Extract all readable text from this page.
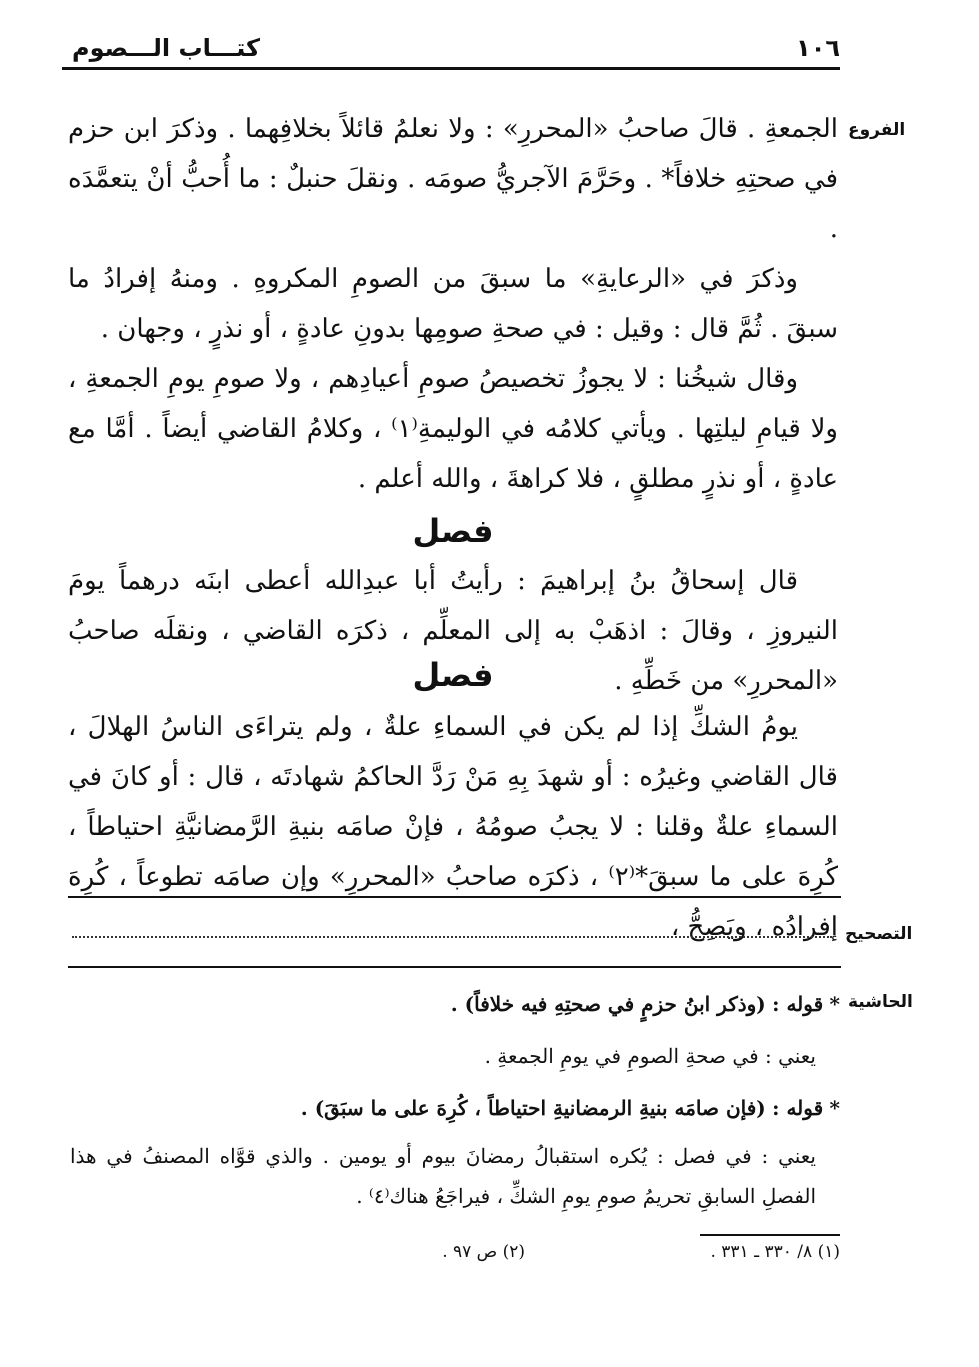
كتـــاب الـــصوم	١٠٦
الفروع

الجمعةِ . قالَ صاحبُ «المحررِ» : ولا نعلمُ قائلاً بخلافِهما . وذكرَ ابن حزم في صحتِهِ خلافاً* . وحَرَّمَ الآجريُّ صومَه . ونقلَ حنبلٌ : ما أُحبُّ أنْ يتعمَّدَه .

وذكرَ في «الرعايةِ» ما سبقَ من الصومِ المكروهِ . ومنهُ إفرادُ ما سبقَ . ثُمَّ قال : وقيل : في صحةِ صومِها بدونِ عادةٍ ، أو نذرٍ ، وجهان .

وقال شيخُنا : لا يجوزُ تخصيصُ صومِ أعيادِهم ، ولا صومِ يومِ الجمعةِ ، ولا قيامِ ليلتِها . ويأتي كلامُه في الوليمةِ⁽١⁾ ، وكلامُ القاضي أيضاً . أمَّا مع عادةٍ ، أو نذرٍ مطلقٍ ، فلا كراهةَ ، والله أعلم .

فصل

قال إسحاقُ بنُ إبراهيمَ : رأيتُ أبا عبدِالله أعطى ابنَه درهماً يومَ النيروزِ ، وقالَ : اذهَبْ به إلى المعلِّم ، ذكرَه القاضي ، ونقلَه صاحبُ «المحررِ» من خَطِّهِ .

فصل

يومُ الشكِّ إذا لم يكن في السماءِ علةٌ ، ولم يتراءَى الناسُ الهلالَ ، قال القاضي وغيرُه : أو شهدَ بِهِ مَنْ رَدَّ الحاكمُ شهادتَه ، قال : أو كانَ في السماءِ علةٌ وقلنا : لا يجبُ صومُهُ ، فإنْ صامَه بنيةِ الرَّمضانيَّةِ احتياطاً ، كُرِهَ على ما سبقَ*⁽٢⁾ ، ذكرَه صاحبُ «المحررِ» وإن صامَه تطوعاً ، كُرِهَ إفرادُه ، ويَصِحُّ ، التصحيح
الحاشية

* قوله : (وذكر ابنُ حزمٍ في صحتِهِ فيه خلافاً) .

يعني : في صحةِ الصومِ في يومِ الجمعةِ .

* قوله : (فإن صامَه بنيةِ الرمضانيةِ احتياطاً ، كُرِهَ على ما سبَقَ) .

يعني : في فصل : يُكره استقبالُ رمضانَ بيوم أو يومين . والذي قوَّاه المصنفُ في هذا الفصلِ السابقِ تحريمُ صومِ يومِ الشكِّ ، فيراجَعُ هناك⁽٤⁾ .

(١) ٨/ ٣٣٠ ـ ٣٣١ . (٢) ص ٩٧ .
